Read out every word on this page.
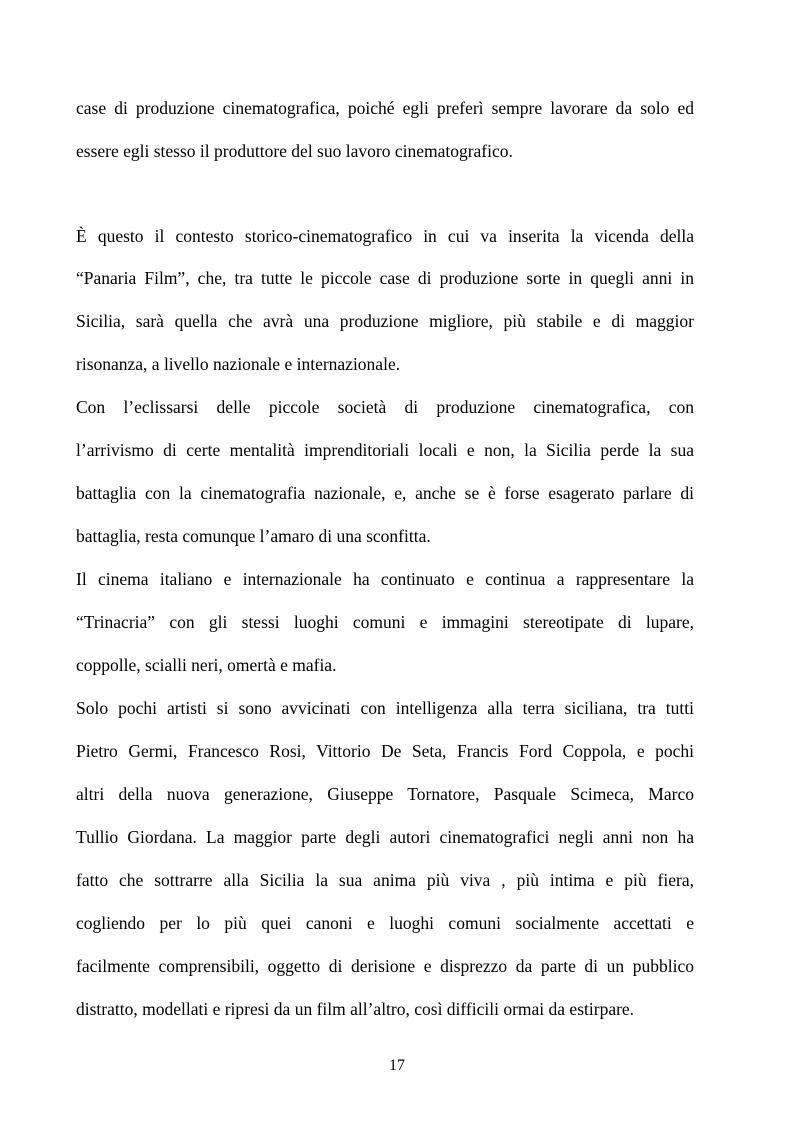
case di produzione cinematografica, poiché egli preferì sempre lavorare da solo ed
essere egli stesso il produttore del suo lavoro cinematografico.
È questo il contesto storico-cinematografico in cui va inserita la vicenda della
“Panaria Film”, che, tra tutte le piccole case di produzione sorte in quegli anni in
Sicilia, sarà quella che avrà una produzione migliore, più stabile e di maggior
risonanza, a livello nazionale e internazionale.
Con l’eclissarsi delle piccole società di produzione cinematografica, con
l’arrivismo di certe mentalità imprenditoriali locali e non, la Sicilia perde la sua
battaglia con la cinematografia nazionale, e, anche se è forse esagerato parlare di
battaglia, resta comunque l’amaro di una sconfitta.
Il cinema italiano e internazionale ha continuato e continua a rappresentare la
“Trinacria” con gli stessi luoghi comuni e immagini stereotipate di lupare,
coppolle, scialli neri, omertà e mafia.
Solo pochi artisti si sono avvicinati con intelligenza alla terra siciliana, tra tutti
Pietro Germi, Francesco Rosi, Vittorio De Seta, Francis Ford Coppola, e pochi
altri della nuova generazione, Giuseppe Tornatore, Pasquale Scimeca, Marco
Tullio Giordana. La maggior parte degli autori cinematografici negli anni non ha
fatto che sottrarre alla Sicilia la sua anima più viva , più intima e più fiera,
cogliendo per lo più quei canoni e luoghi comuni socialmente accettati e
facilmente comprensibili, oggetto di derisione e disprezzo da parte di un pubblico
distratto, modellati e ripresi da un film all’altro, così difficili ormai da estirpare.
17
